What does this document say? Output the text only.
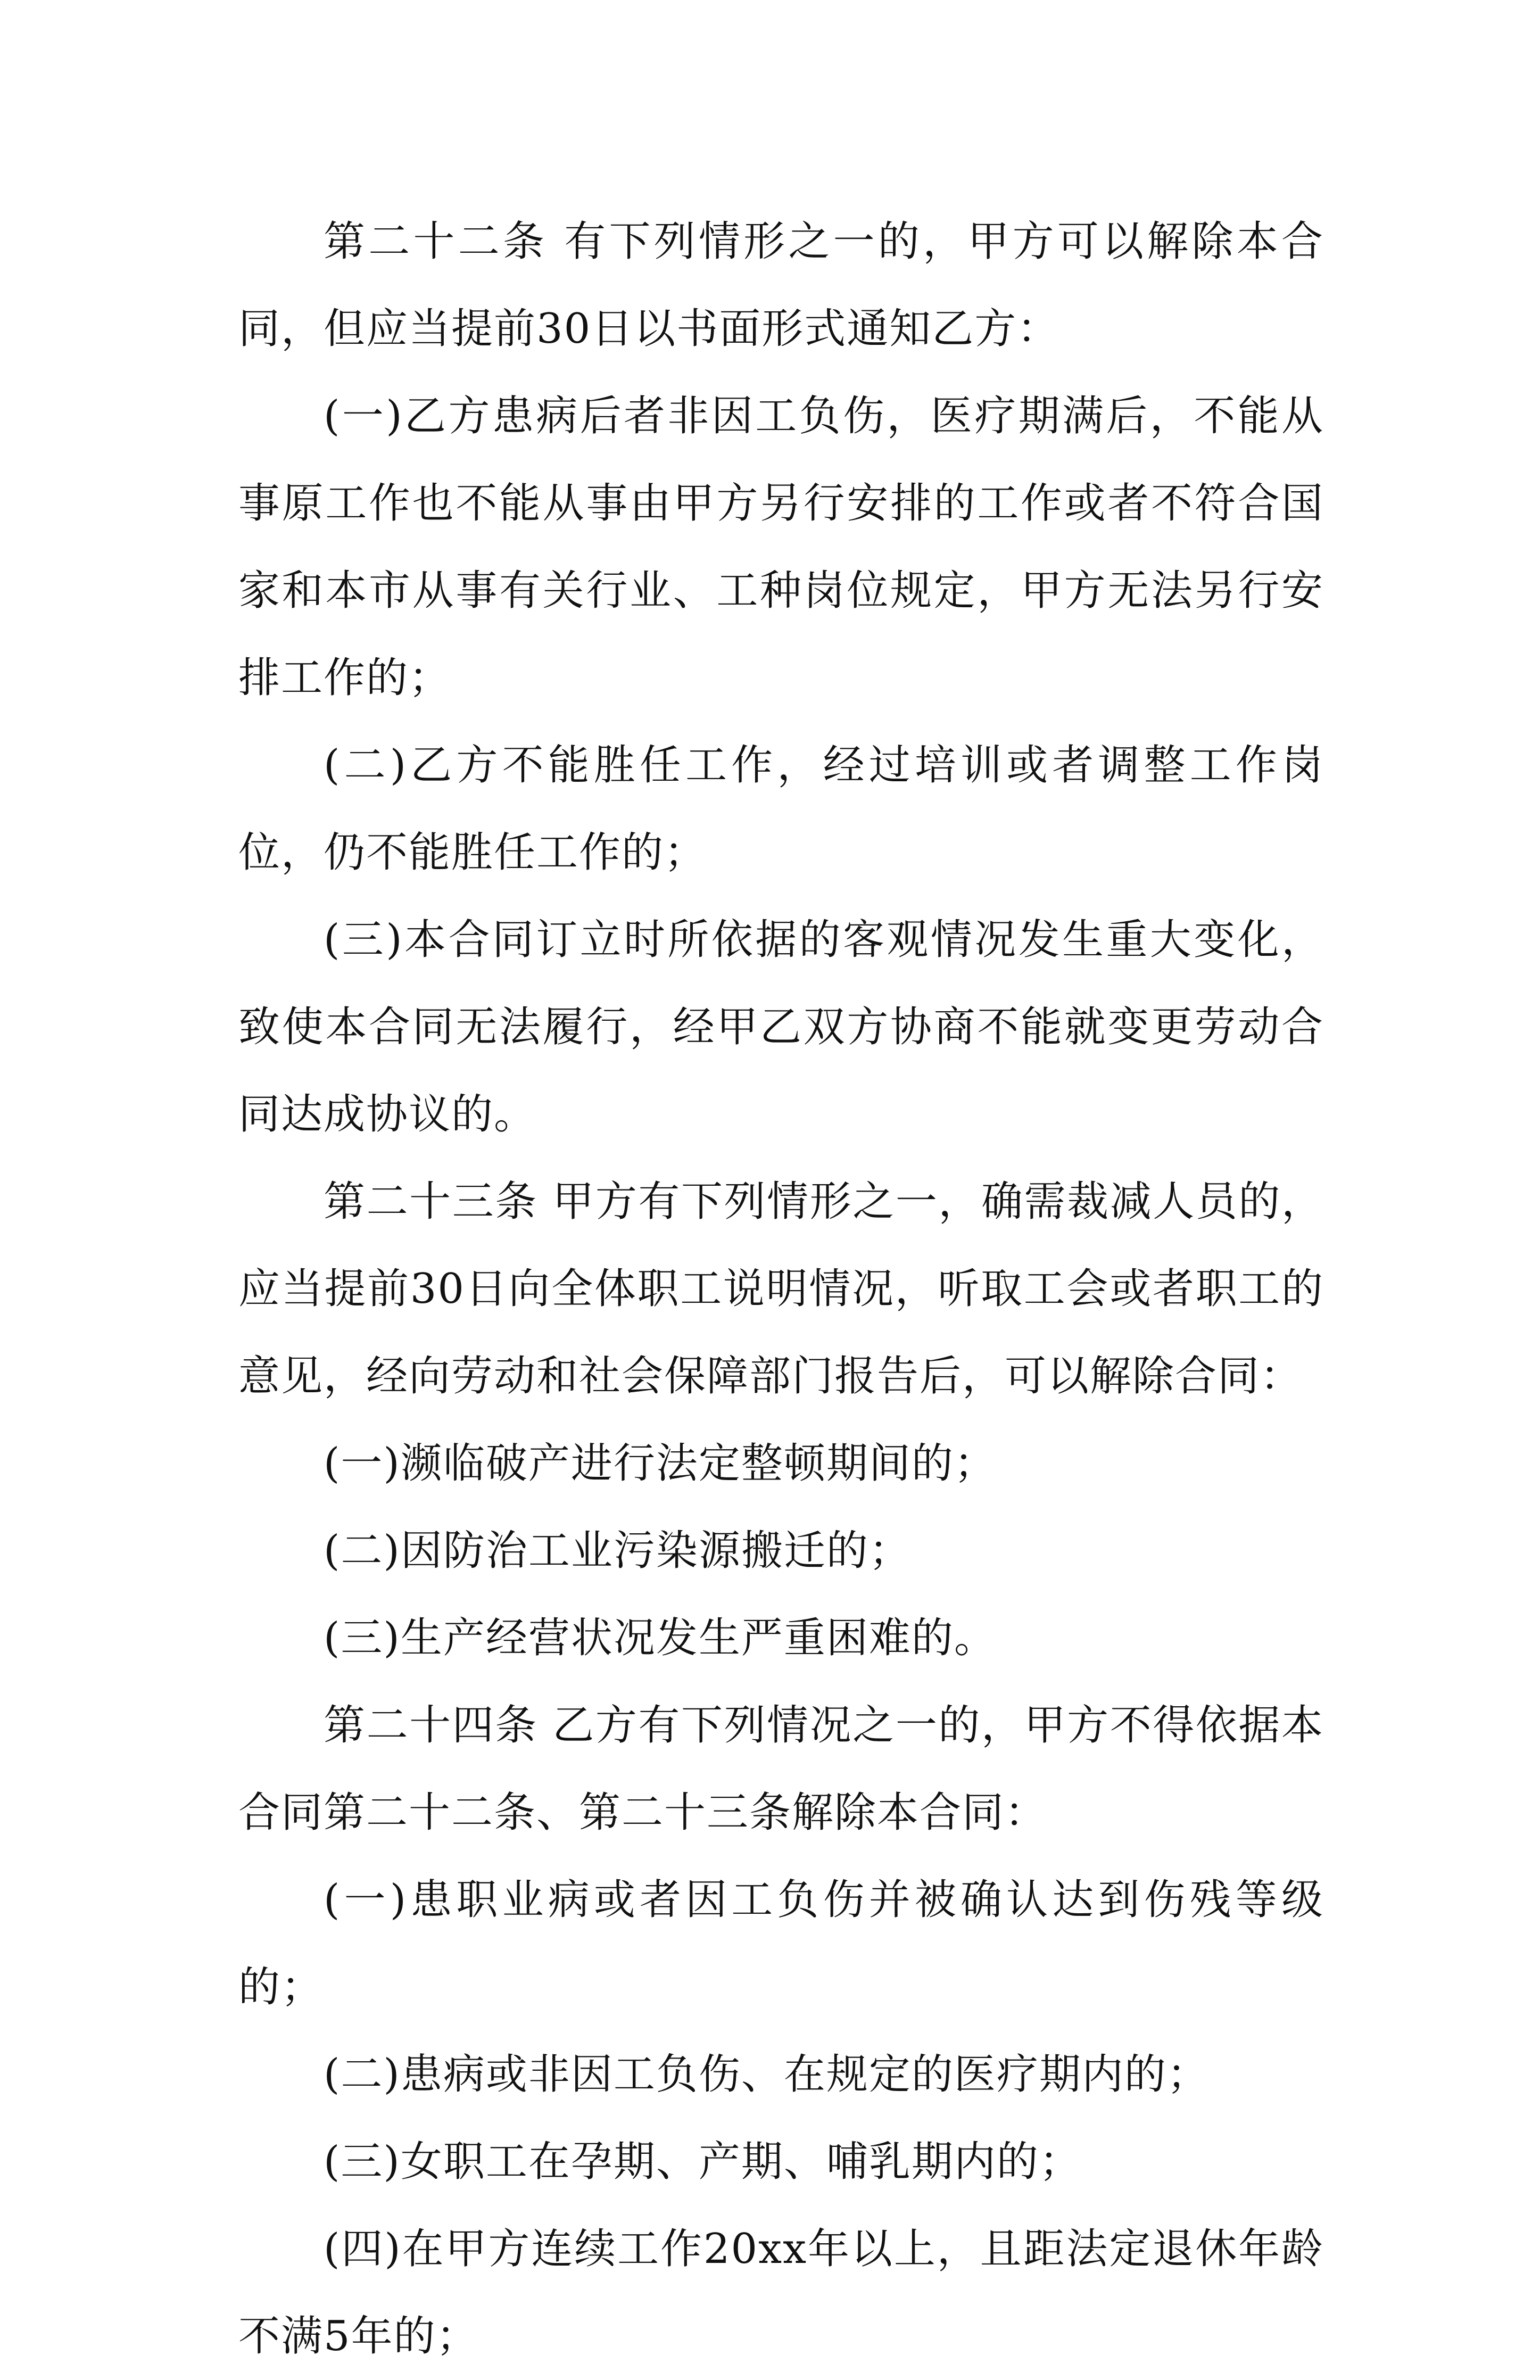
第二十二条 有下列情形之一的，甲方可以解除本合同，但应当提前30日以书面形式通知乙方：

(一)乙方患病后者非因工负伤，医疗期满后，不能从事原工作也不能从事由甲方另行安排的工作或者不符合国家和本市从事有关行业、工种岗位规定，甲方无法另行安排工作的；

(二)乙方不能胜任工作，经过培训或者调整工作岗位，仍不能胜任工作的；

(三)本合同订立时所依据的客观情况发生重大变化，致使本合同无法履行，经甲乙双方协商不能就变更劳动合同达成协议的。

第二十三条 甲方有下列情形之一，确需裁减人员的，应当提前30日向全体职工说明情况，听取工会或者职工的意见，经向劳动和社会保障部门报告后，可以解除合同：

(一)濒临破产进行法定整顿期间的；

(二)因防治工业污染源搬迁的；

(三)生产经营状况发生严重困难的。

第二十四条 乙方有下列情况之一的，甲方不得依据本合同第二十二条、第二十三条解除本合同：

(一)患职业病或者因工负伤并被确认达到伤残等级的；

(二)患病或非因工负伤、在规定的医疗期内的；

(三)女职工在孕期、产期、哺乳期内的；

(四)在甲方连续工作20xx年以上，且距法定退休年龄不满5年的；
